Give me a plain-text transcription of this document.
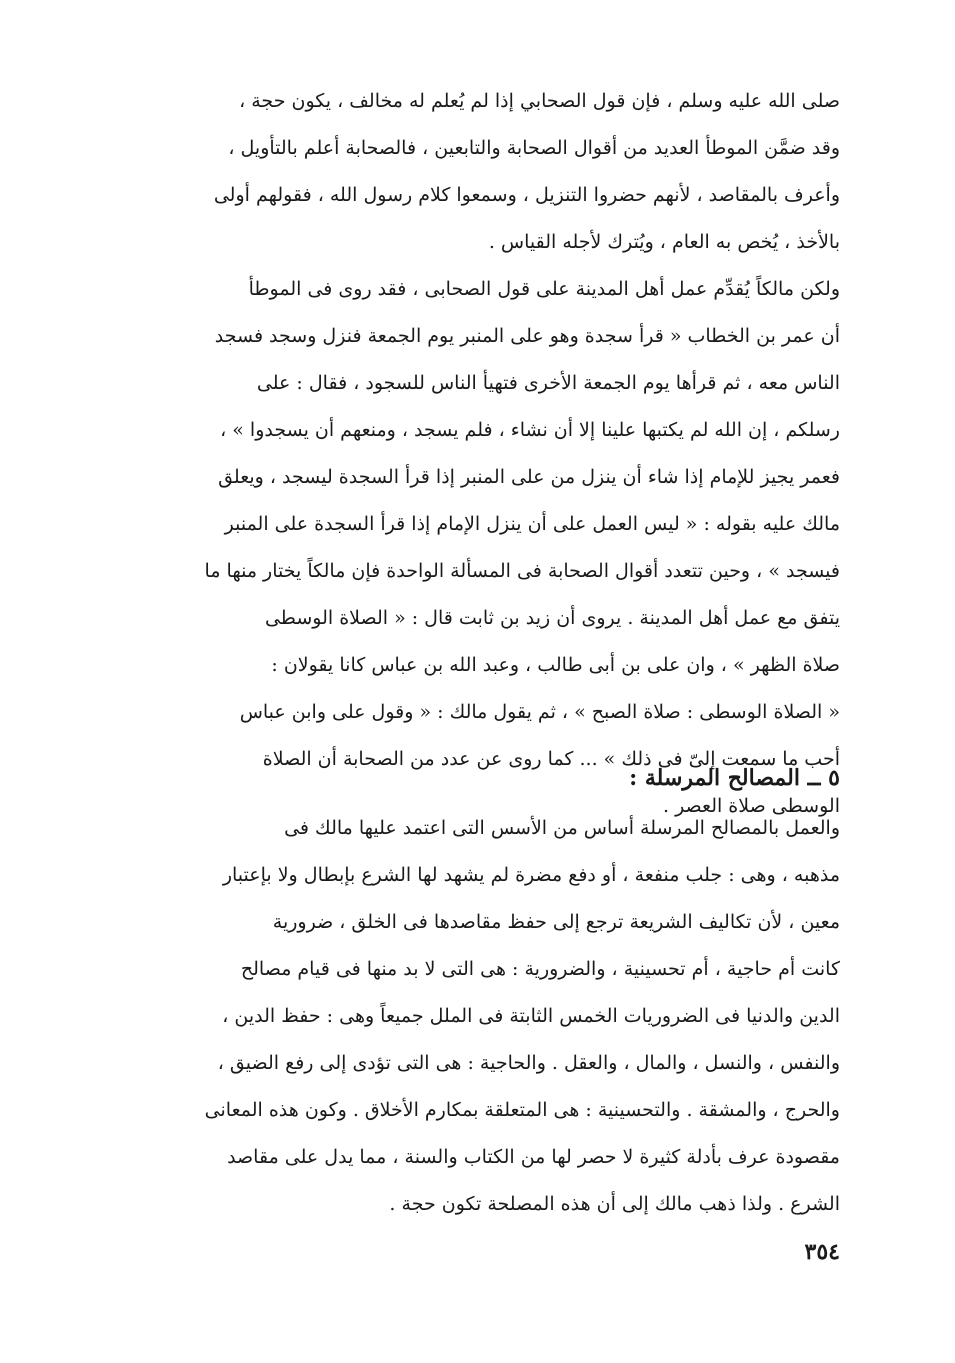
صلى الله عليه وسلم ، فإن قول الصحابي إذا لم يُعلم له مخالف ، يكون حجة ،
وقد ضمَّن الموطأ العديد من أقوال الصحابة والتابعين ، فالصحابة أعلم بالتأويل ،
وأعرف بالمقاصد ، لأنهم حضروا التنزيل ، وسمعوا كلام رسول الله ، فقولهم أولى
بالأخذ ، يُخص به العام ، ويُترك لأجله القياس .
ولكن مالكاً يُقدِّم عمل أهل المدينة على قول الصحابى ، فقد روى فى الموطأ
أن عمر بن الخطاب « قرأ سجدة وهو على المنبر يوم الجمعة فنزل وسجد فسجد
الناس معه ، ثم قرأها يوم الجمعة الأخرى فتهيأ الناس للسجود ، فقال : على
رسلكم ، إن الله لم يكتبها علينا إلا أن نشاء ، فلم يسجد ، ومنعهم أن يسجدوا » ،
فعمر يجيز للإمام إذا شاء أن ينزل من على المنبر إذا قرأ السجدة ليسجد ، ويعلق
مالك عليه بقوله : « ليس العمل على أن ينزل الإمام إذا قرأ السجدة على المنبر
فيسجد » ، وحين تتعدد أقوال الصحابة فى المسألة الواحدة فإن مالكاً يختار منها ما
يتفق مع عمل أهل المدينة . يروى أن زيد بن ثابت قال : « الصلاة الوسطى
صلاة الظهر » ، وان على بن أبى طالب ، وعبد الله بن عباس كانا يقولان :
« الصلاة الوسطى : صلاة الصبح » ، ثم يقول مالك : « وقول على وابن عباس
أحب ما سمعت إلىّ فى ذلك » ... كما روى عن عدد من الصحابة أن الصلاة
الوسطى صلاة العصر .
٥ ــ المصالح المرسلة :
والعمل بالمصالح المرسلة أساس من الأسس التى اعتمد عليها مالك فى
مذهبه ، وهى : جلب منفعة ، أو دفع مضرة لم يشهد لها الشرع بإبطال ولا بإعتبار
معين ، لأن تكاليف الشريعة ترجع إلى حفظ مقاصدها فى الخلق ، ضرورية
كانت أم حاجية ، أم تحسينية ، والضرورية : هى التى لا بد منها فى قيام مصالح
الدين والدنيا فى الضروريات الخمس الثابتة فى الملل جميعاً وهى : حفظ الدين ،
والنفس ، والنسل ، والمال ، والعقل . والحاجية : هى التى تؤدى إلى رفع الضيق ،
والحرج ، والمشقة . والتحسينية : هى المتعلقة بمكارم الأخلاق . وكون هذه المعانى
مقصودة عرف بأدلة كثيرة لا حصر لها من الكتاب والسنة ، مما يدل على مقاصد
الشرع . ولذا ذهب مالك إلى أن هذه المصلحة تكون حجة .
٣٥٤
